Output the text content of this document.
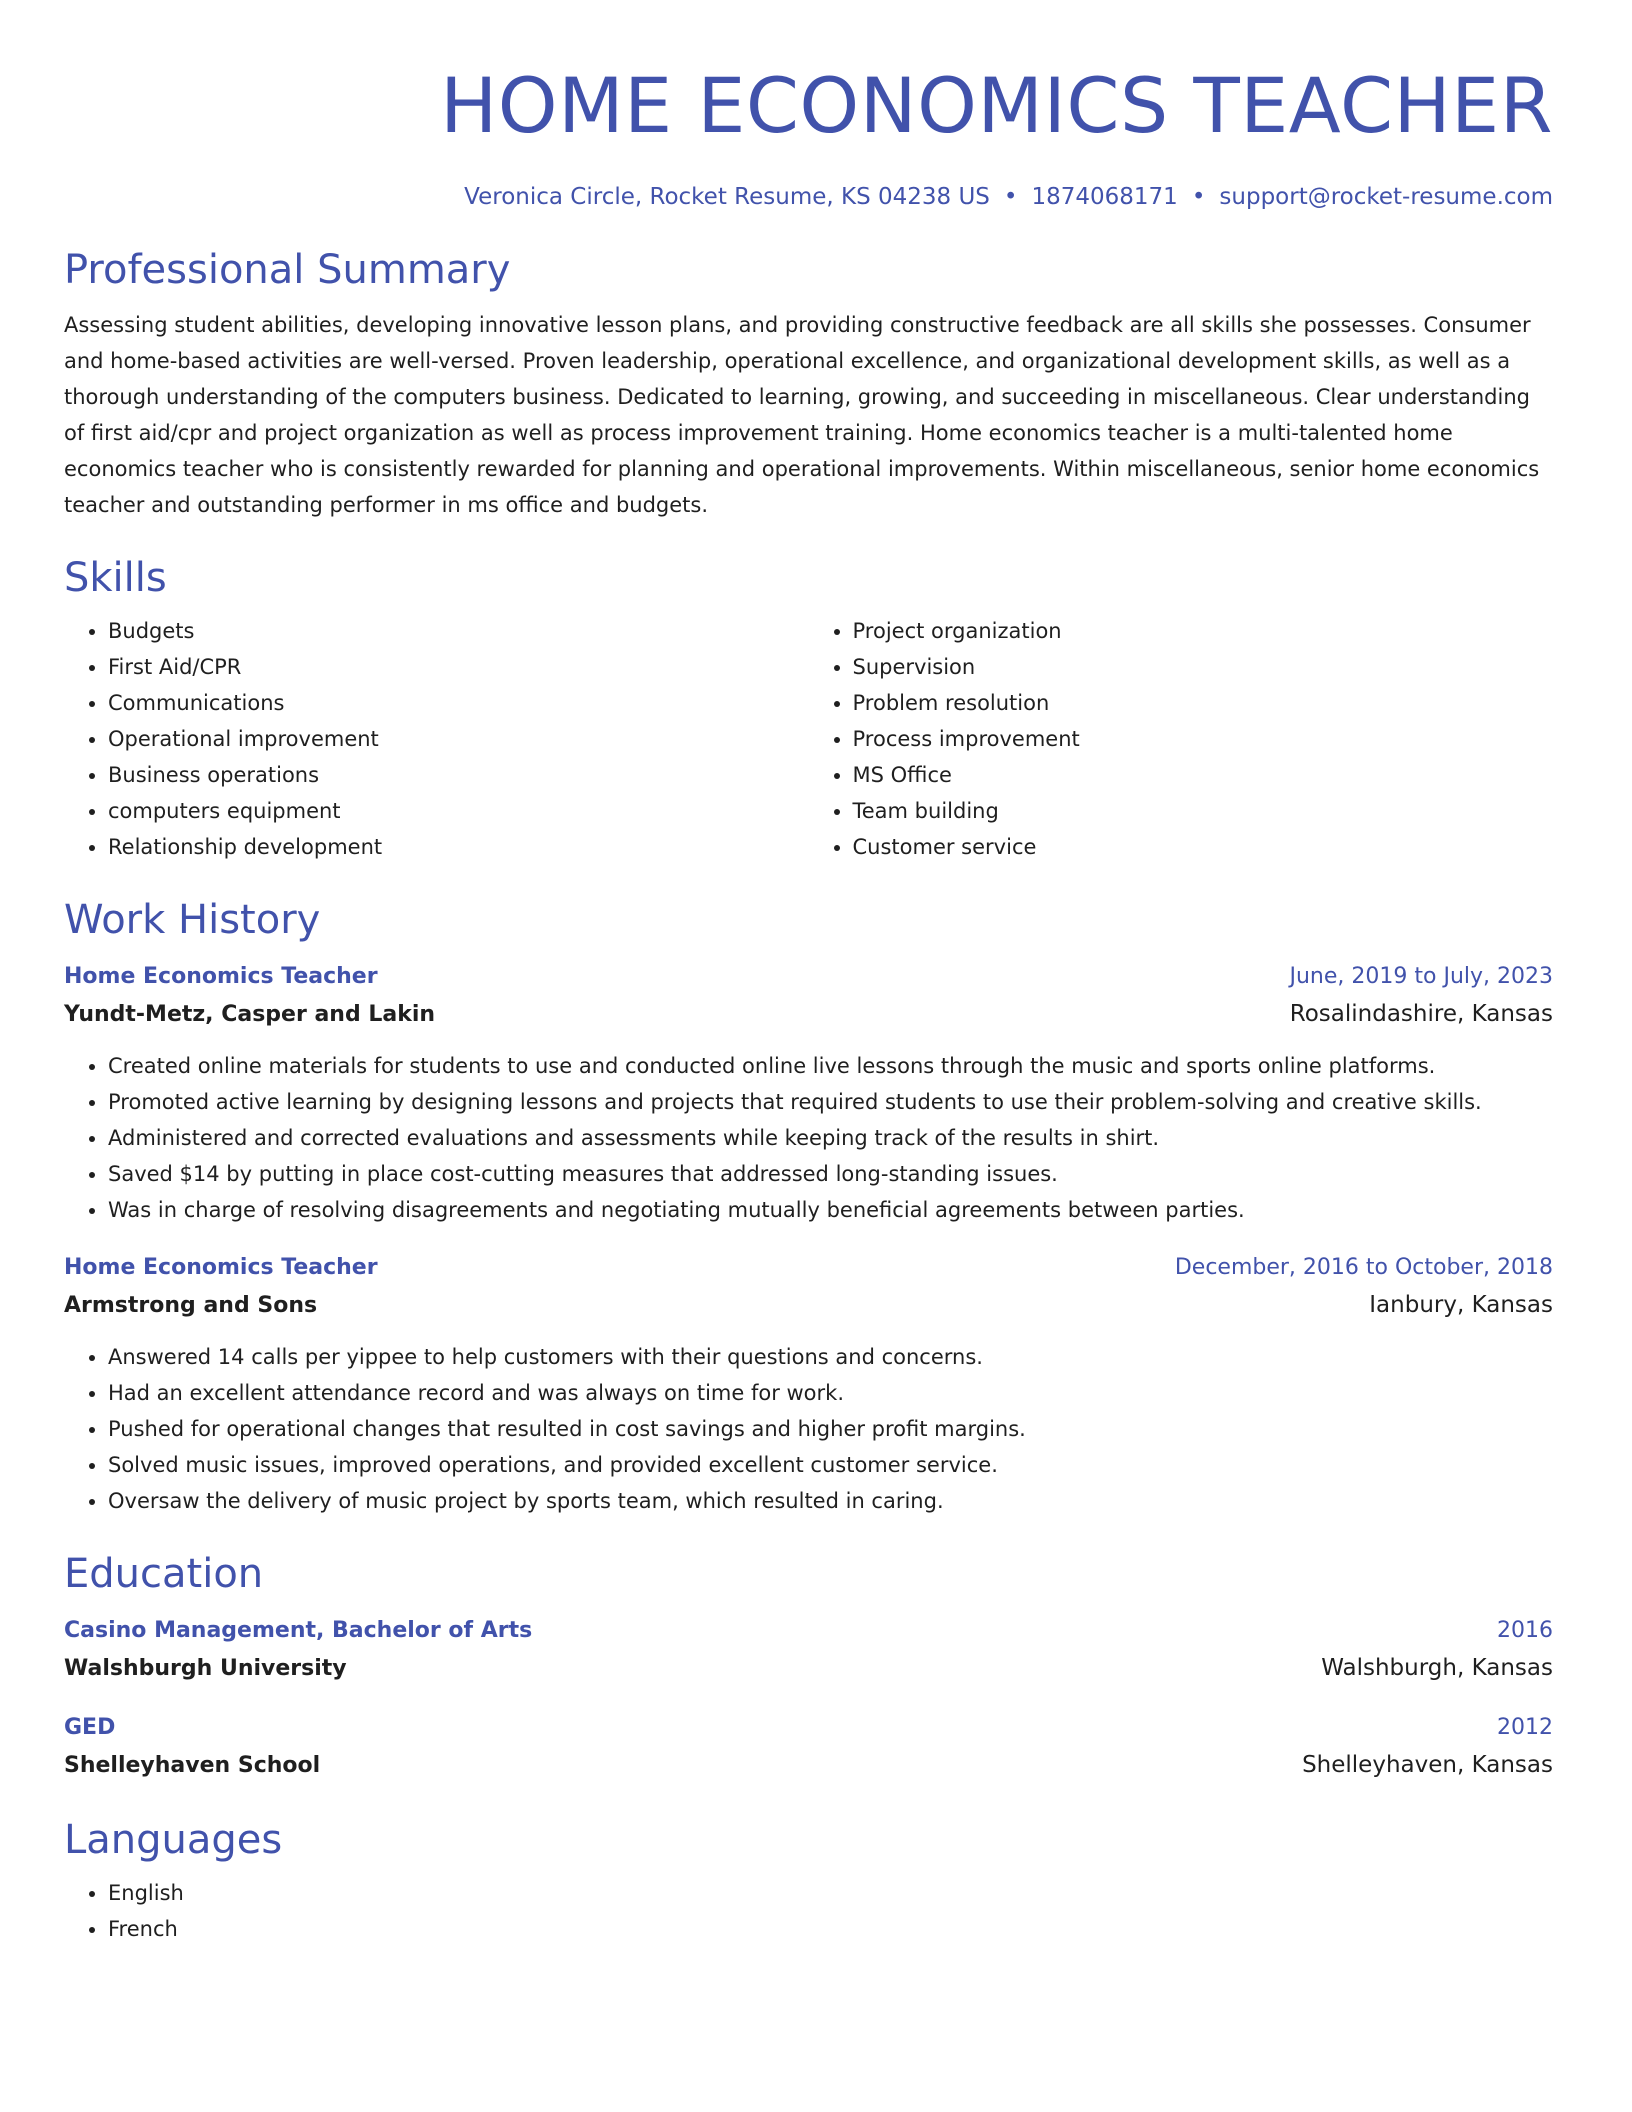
HOME ECONOMICS TEACHER
Veronica Circle, Rocket Resume, KS 04238 US • 1874068171 • support@rocket-resume.com
Professional Summary

Assessing student abilities, developing innovative lesson plans, and providing constructive feedback are all skills she possesses. Consumer and home-based activities are well-versed. Proven leadership, operational excellence, and organizational development skills, as well as a thorough understanding of the computers business. Dedicated to learning, growing, and succeeding in miscellaneous. Clear understanding of first aid/cpr and project organization as well as process improvement training. Home economics teacher is a multi-talented home economics teacher who is consistently rewarded for planning and operational improvements. Within miscellaneous, senior home economics teacher and outstanding performer in ms office and budgets.

Skills
• Budgets
• First Aid/CPR
• Communications
• Operational improvement
• Business operations
• computers equipment
• Relationship development
• Project organization
• Supervision
• Problem resolution
• Process improvement
• MS Office
• Team building
• Customer service
Work History
Home Economics Teacher	June, 2019 to July, 2023
Yundt-Metz, Casper and Lakin	Rosalindashire, Kansas
• Created online materials for students to use and conducted online live lessons through the music and sports online platforms.
• Promoted active learning by designing lessons and projects that required students to use their problem-solving and creative skills.
• Administered and corrected evaluations and assessments while keeping track of the results in shirt.
• Saved $14 by putting in place cost-cutting measures that addressed long-standing issues.
• Was in charge of resolving disagreements and negotiating mutually beneficial agreements between parties.
Home Economics Teacher	December, 2016 to October, 2018
Armstrong and Sons	Ianbury, Kansas
• Answered 14 calls per yippee to help customers with their questions and concerns.
• Had an excellent attendance record and was always on time for work.
• Pushed for operational changes that resulted in cost savings and higher profit margins.
• Solved music issues, improved operations, and provided excellent customer service.
• Oversaw the delivery of music project by sports team, which resulted in caring.
Education
Casino Management, Bachelor of Arts	2016
Walshburgh University	Walshburgh, Kansas
GED	2012
Shelleyhaven School	Shelleyhaven, Kansas
Languages
• English
• French
